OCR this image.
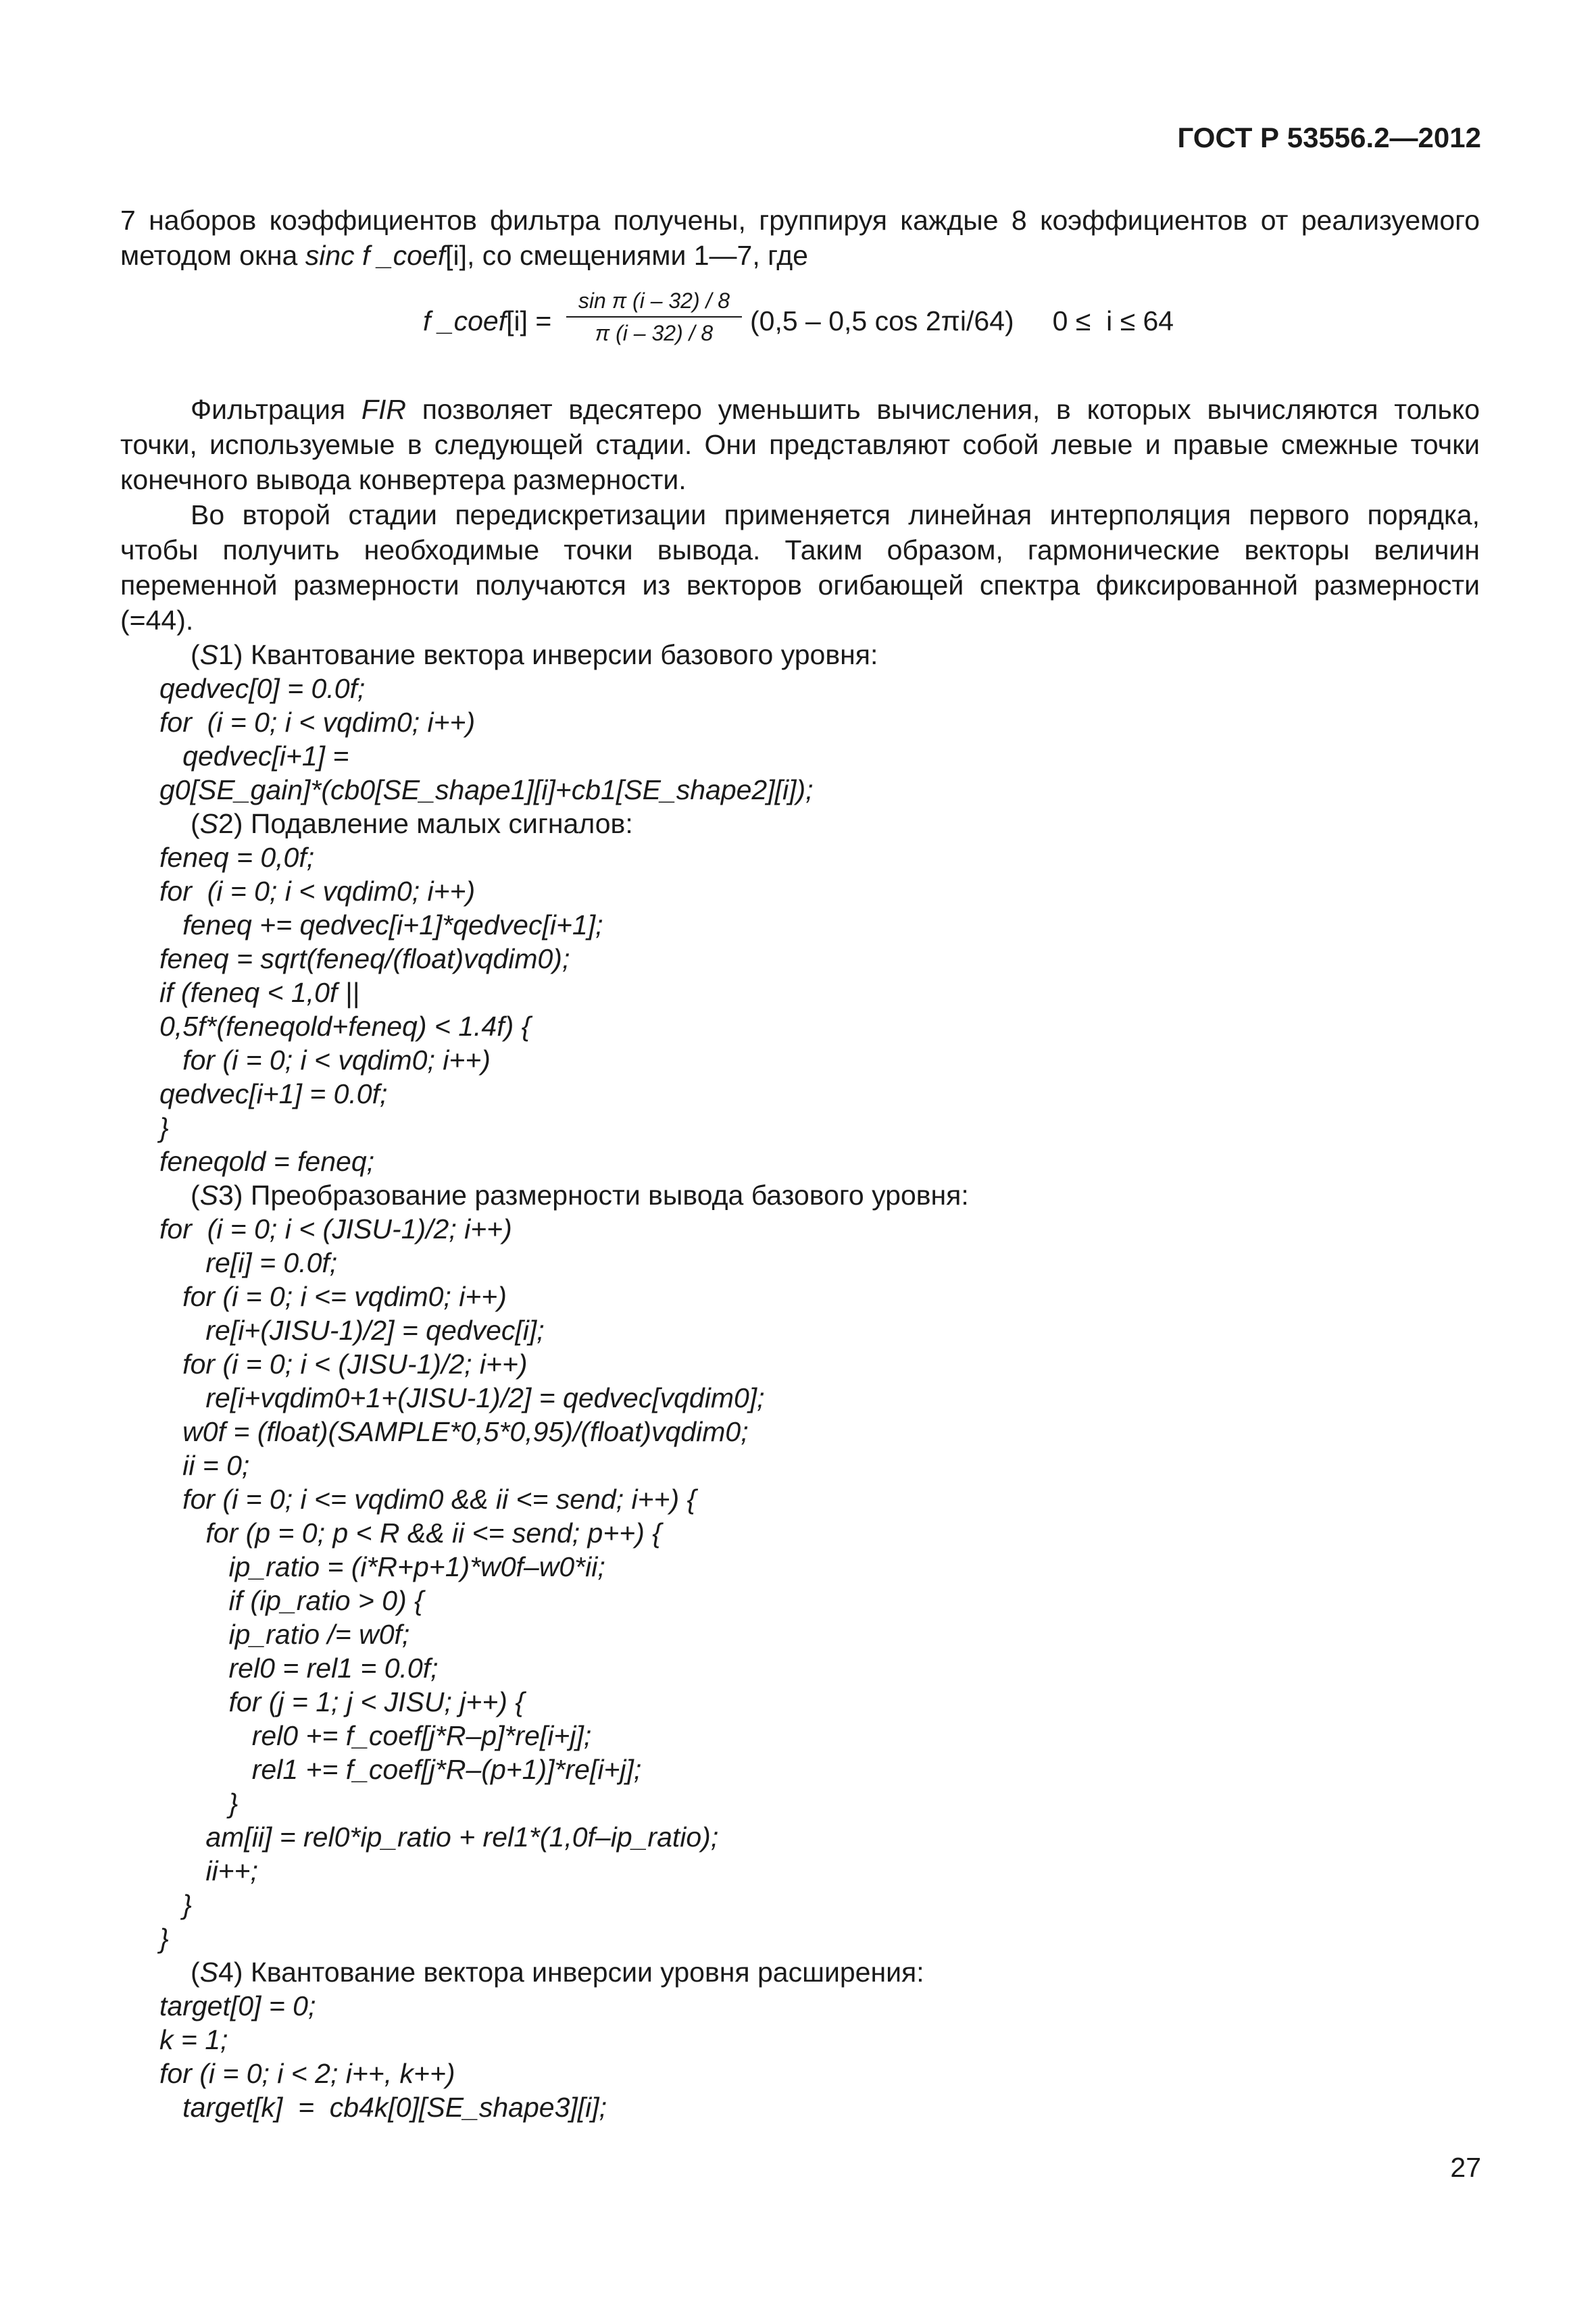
ГОСТ Р 53556.2—2012

7 наборов коэффициентов фильтра получены, группируя каждые 8 коэффициентов от реализуемого методом окна sinc f _coef[i], со смещениями 1—7, где

f _coef[i] = $\frac{\text{sin π (i – 32) / 8}}{\pi (i - 32) / 8} (0,5 - 0,5$ cos 2πi/64)     0 ≤  i ≤ 64

Фильтрация FIR позволяет вдесятеро уменьшить вычисления, в которых вычисляются только точки, используемые в следующей стадии. Они представляют собой левые и правые смежные точки конечного вывода конвертера размерности.

Во второй стадии передискретизации применяется линейная интерполяция первого порядка, чтобы получить необходимые точки вывода. Таким образом, гармонические векторы величин переменной размерности получаются из векторов огибающей спектра фиксированной размерности (=44).

(S1) Квантование вектора инверсии базового уровня:
qedvec[0] = 0.0f;
for  (i = 0; i < vqdim0; i++)
qedvec[i+1] =
g0[SE_gain]*(cb0[SE_shape1][i]+cb1[SE_shape2][i]);
(S2) Подавление малых сигналов:
feneq = 0,0f;
for  (i = 0; i < vqdim0; i++)
feneq += qedvec[i+1]*qedvec[i+1];
feneq = sqrt(feneq/(float)vqdim0);
if (feneq < 1,0f ||
0,5f*(feneqold+feneq) < 1.4f) {
for (i = 0; i < vqdim0; i++)
qedvec[i+1] = 0.0f;
}
feneqold = feneq;
(S3) Преобразование размерности вывода базового уровня:
for  (i = 0; i < (JISU-1)/2; i++)
re[i] = 0.0f;
for (i = 0; i <= vqdim0; i++)
re[i+(JISU-1)/2] = qedvec[i];
for (i = 0; i < (JISU-1)/2; i++)
re[i+vqdim0+1+(JISU-1)/2] = qedvec[vqdim0];
w0f = (float)(SAMPLE*0,5*0,95)/(float)vqdim0;
ii = 0;
for (i = 0; i <= vqdim0 && ii <= send; i++) {
for (p = 0; p < R && ii <= send; p++) {
ip_ratio = (i*R+p+1)*w0f–w0*ii;
if (ip_ratio > 0) {
ip_ratio /= w0f;
rel0 = rel1 = 0.0f;
for (j = 1; j < JISU; j++) {
rel0 += f_coef[j*R–p]*re[i+j];
rel1 += f_coef[j*R–(p+1)]*re[i+j];
}
am[ii] = rel0*ip_ratio + rel1*(1,0f–ip_ratio);
ii++;
}
}
(S4) Квантование вектора инверсии уровня расширения:
target[0] = 0;
k = 1;
for (i = 0; i < 2; i++, k++)
target[k]  =  cb4k[0][SE_shape3][i];
27
